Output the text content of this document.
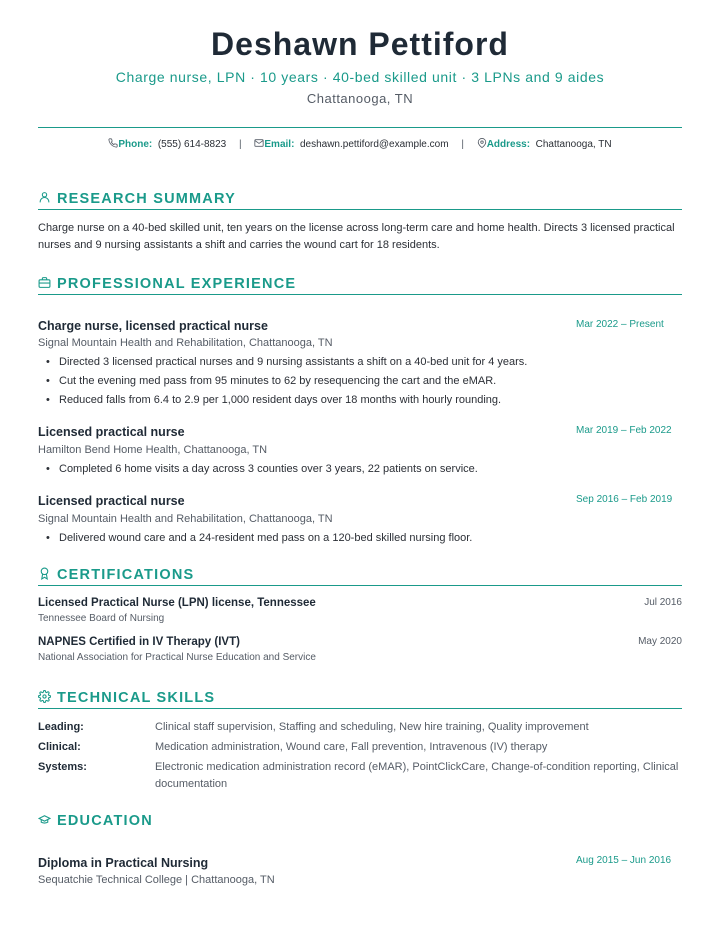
Deshawn Pettiford
Charge nurse, LPN · 10 years · 40-bed skilled unit · 3 LPNs and 9 aides
Chattanooga, TN
Phone: (555) 614-8823 | Email: deshawn.pettiford@example.com | Address: Chattanooga, TN
RESEARCH SUMMARY
Charge nurse on a 40-bed skilled unit, ten years on the license across long-term care and home health. Directs 3 licensed practical nurses and 9 nursing assistants a shift and carries the wound cart for 18 residents.
PROFESSIONAL EXPERIENCE
Charge nurse, licensed practical nurse	Mar 2022 – Present
Signal Mountain Health and Rehabilitation, Chattanooga, TN
• Directed 3 licensed practical nurses and 9 nursing assistants a shift on a 40-bed unit for 4 years.
• Cut the evening med pass from 95 minutes to 62 by resequencing the cart and the eMAR.
• Reduced falls from 6.4 to 2.9 per 1,000 resident days over 18 months with hourly rounding.
Licensed practical nurse	Mar 2019 – Feb 2022
Hamilton Bend Home Health, Chattanooga, TN
• Completed 6 home visits a day across 3 counties over 3 years, 22 patients on service.
Licensed practical nurse	Sep 2016 – Feb 2019
Signal Mountain Health and Rehabilitation, Chattanooga, TN
• Delivered wound care and a 24-resident med pass on a 120-bed skilled nursing floor.
CERTIFICATIONS
Licensed Practical Nurse (LPN) license, Tennessee	Jul 2016
Tennessee Board of Nursing
NAPNES Certified in IV Therapy (IVT)	May 2020
National Association for Practical Nurse Education and Service
TECHNICAL SKILLS
Leading:	Clinical staff supervision, Staffing and scheduling, New hire training, Quality improvement
Clinical:	Medication administration, Wound care, Fall prevention, Intravenous (IV) therapy
Systems:	Electronic medication administration record (eMAR), PointClickCare, Change-of-condition reporting, Clinical documentation
EDUCATION
Diploma in Practical Nursing	Aug 2015 – Jun 2016
Sequatchie Technical College | Chattanooga, TN
